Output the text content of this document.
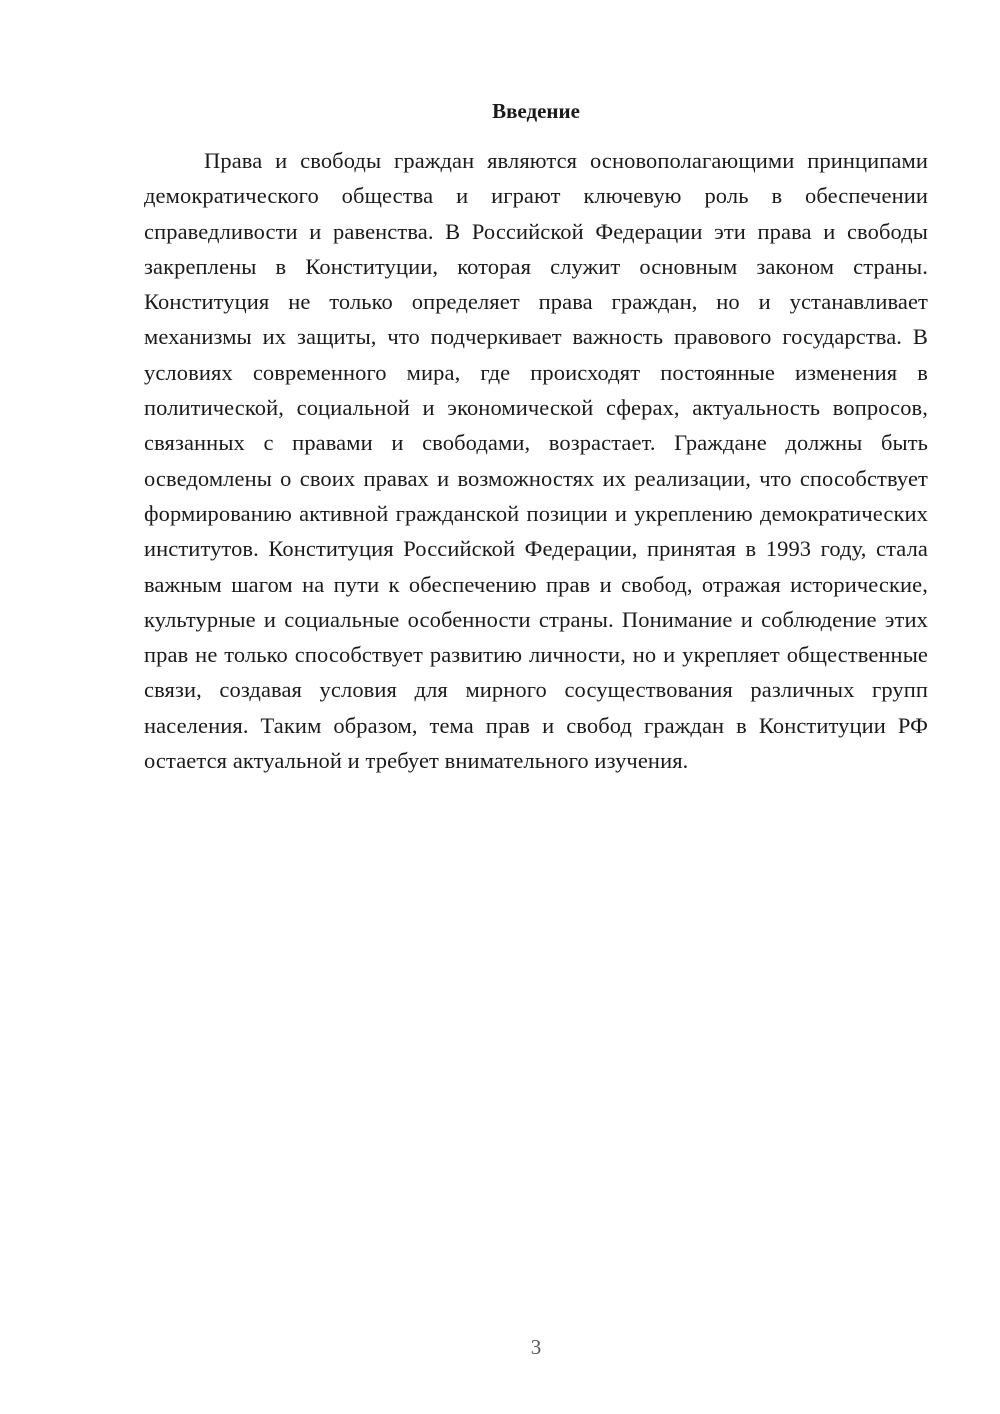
Введение

Права и свободы граждан являются основополагающими принципами демократического общества и играют ключевую роль в обеспечении справедливости и равенства. В Российской Федерации эти права и свободы закреплены в Конституции, которая служит основным законом страны. Конституция не только определяет права граждан, но и устанавливает механизмы их защиты, что подчеркивает важность правового государства. В условиях современного мира, где происходят постоянные изменения в политической, социальной и экономической сферах, актуальность вопросов, связанных с правами и свободами, возрастает. Граждане должны быть осведомлены о своих правах и возможностях их реализации, что способствует формированию активной гражданской позиции и укреплению демократических институтов. Конституция Российской Федерации, принятая в 1993 году, стала важным шагом на пути к обеспечению прав и свобод, отражая исторические, культурные и социальные особенности страны. Понимание и соблюдение этих прав не только способствует развитию личности, но и укрепляет общественные связи, создавая условия для мирного сосуществования различных групп населения. Таким образом, тема прав и свобод граждан в Конституции РФ остается актуальной и требует внимательного изучения.

3
